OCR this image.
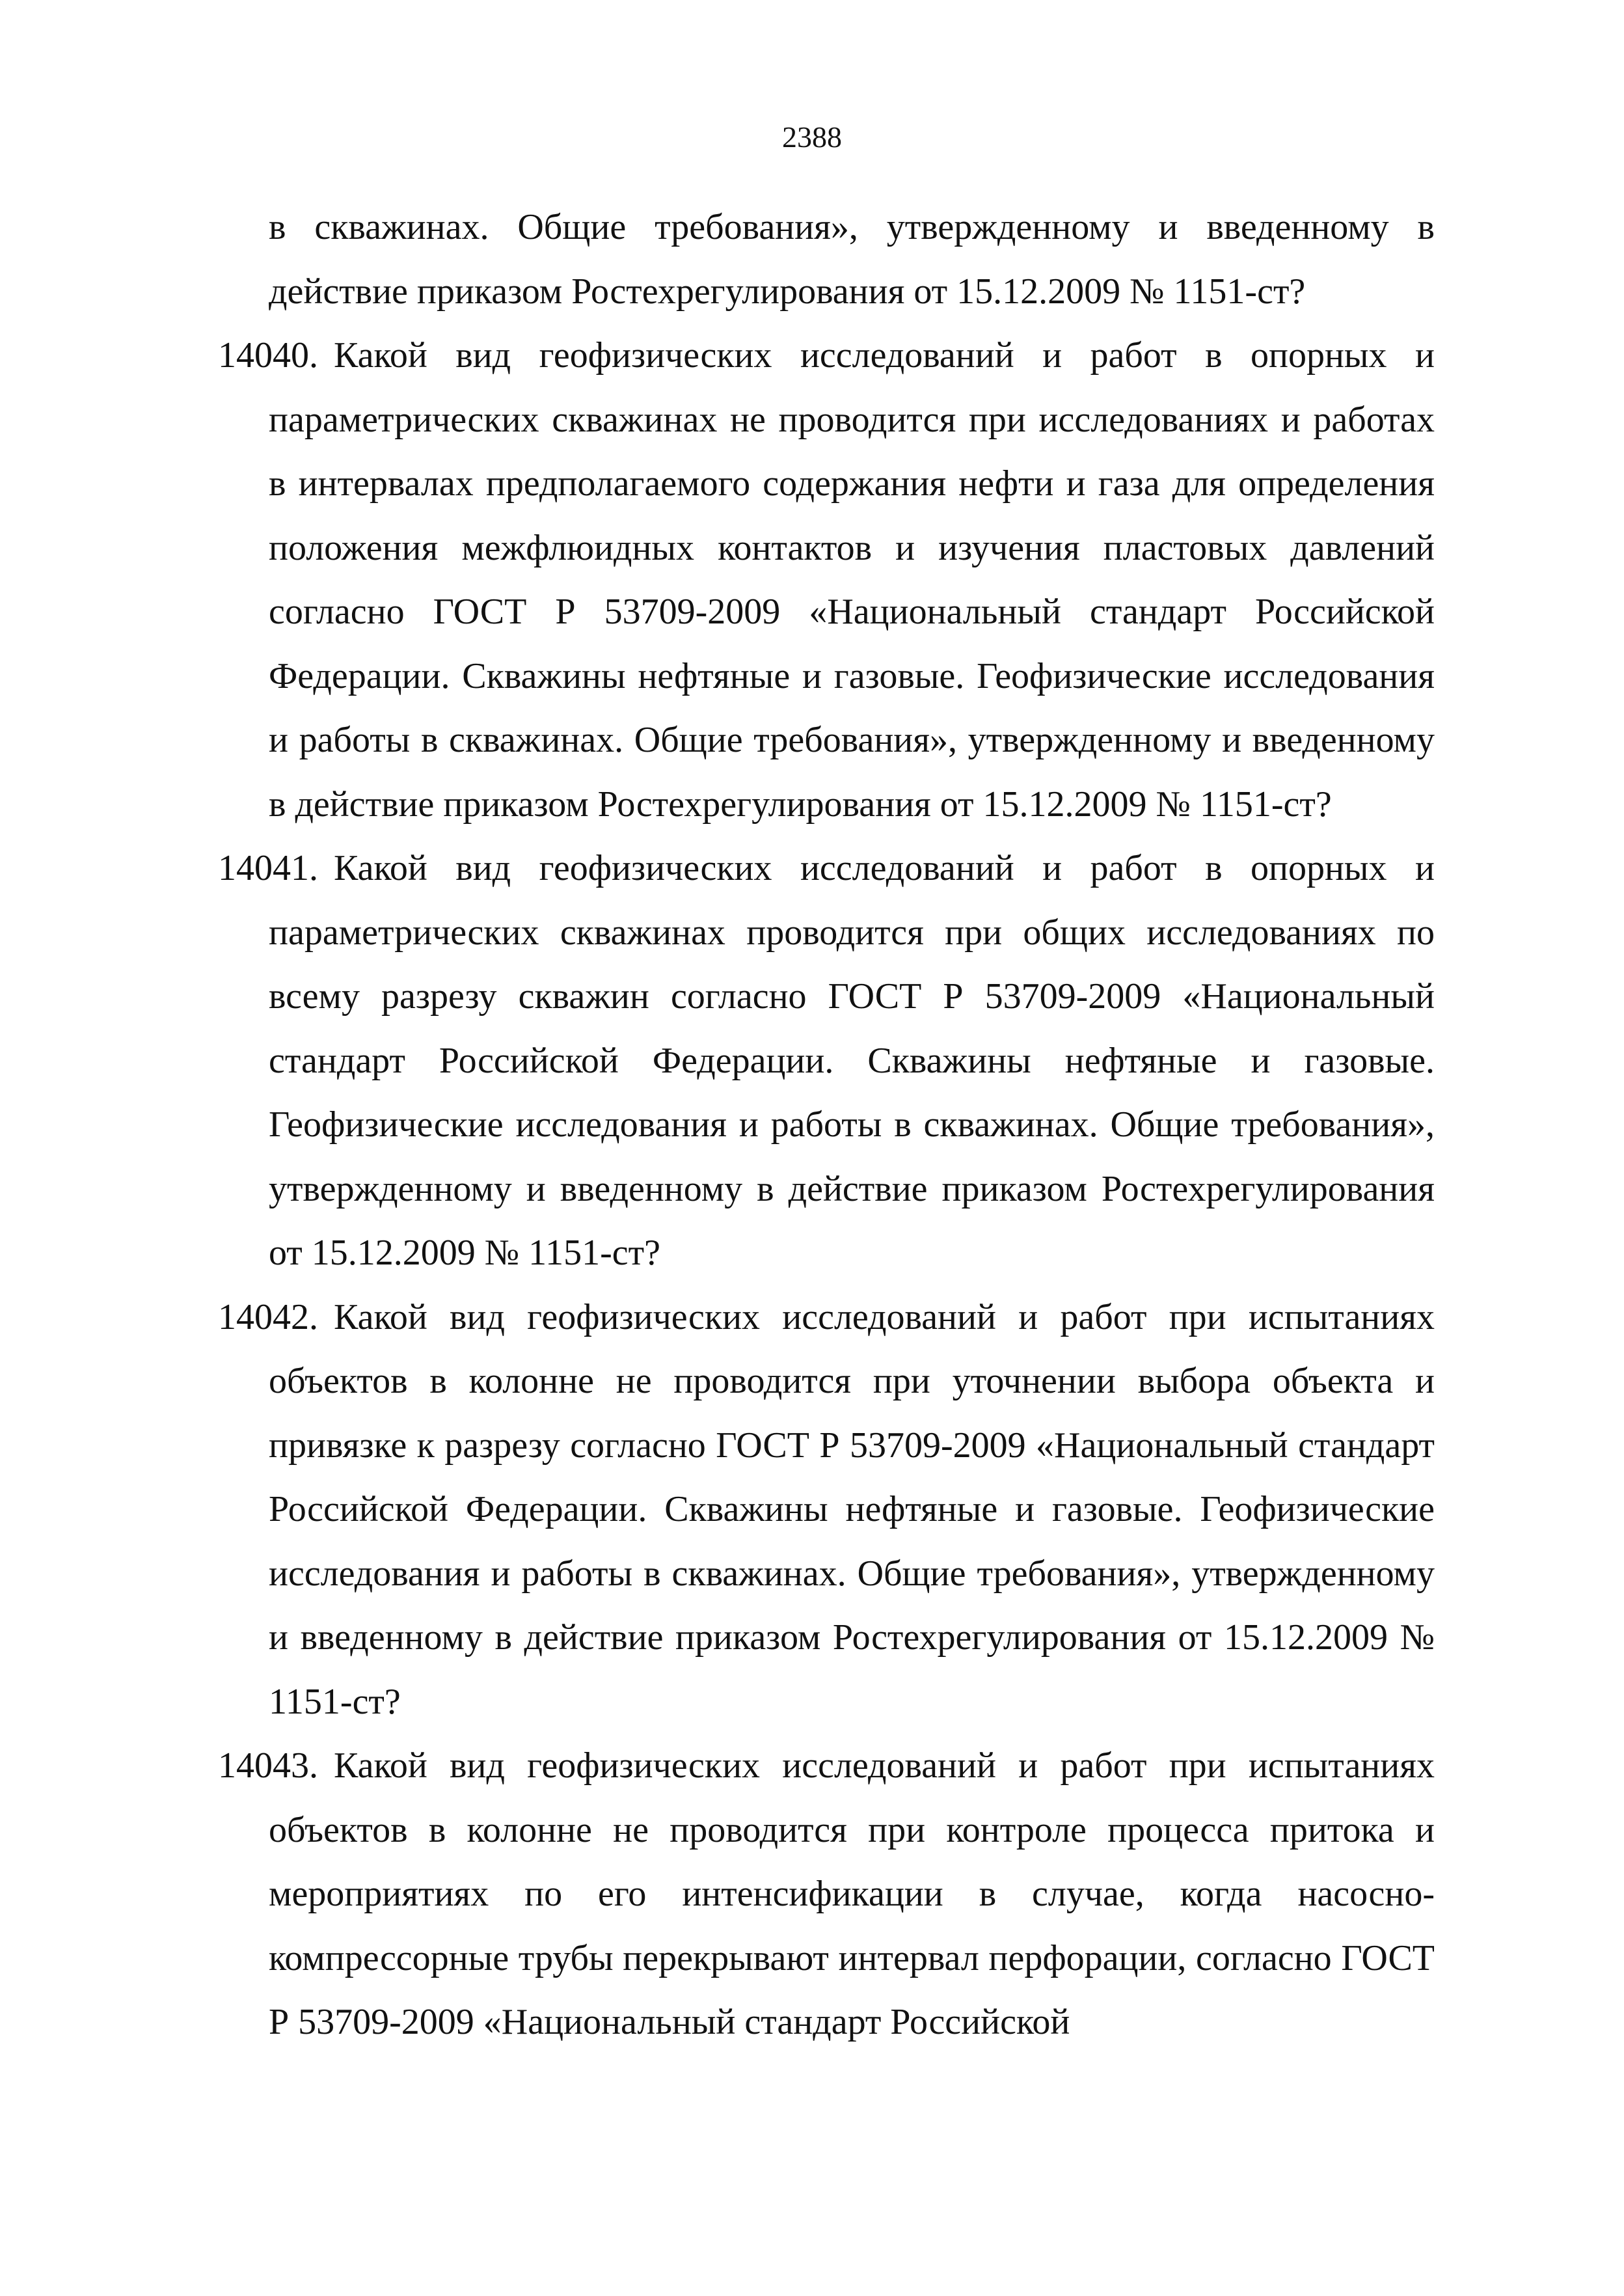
2388

в скважинах. Общие требования», утвержденному и введенному в действие приказом Ростехрегулирования от 15.12.2009 № 1151-ст?

14040. Какой вид геофизических исследований и работ в опорных и параметрических скважинах не проводится при исследованиях и работах в интервалах предполагаемого содержания нефти и газа для определения положения межфлюидных контактов и изучения пластовых давлений согласно ГОСТ Р 53709-2009 «Национальный стандарт Российской Федерации. Скважины нефтяные и газовые. Геофизические исследования и работы в скважинах. Общие требования», утвержденному и введенному в действие приказом Ростехрегулирования от 15.12.2009 № 1151-ст?
14041. Какой вид геофизических исследований и работ в опорных и параметрических скважинах проводится при общих исследованиях по всему разрезу скважин согласно ГОСТ Р 53709-2009 «Национальный стандарт Российской Федерации. Скважины нефтяные и газовые. Геофизические исследования и работы в скважинах. Общие требования», утвержденному и введенному в действие приказом Ростехрегулирования от 15.12.2009 № 1151-ст?
14042. Какой вид геофизических исследований и работ при испытаниях объектов в колонне не проводится при уточнении выбора объекта и привязке к разрезу согласно ГОСТ Р 53709-2009 «Национальный стандарт Российской Федерации. Скважины нефтяные и газовые. Геофизические исследования и работы в скважинах. Общие требования», утвержденному и введенному в действие приказом Ростехрегулирования от 15.12.2009 № 1151-ст?
14043. Какой вид геофизических исследований и работ при испытаниях объектов в колонне не проводится при контроле процесса притока и мероприятиях по его интенсификации в случае, когда насосно-компрессорные трубы перекрывают интервал перфорации, согласно ГОСТ Р 53709-2009 «Национальный стандарт Российской
